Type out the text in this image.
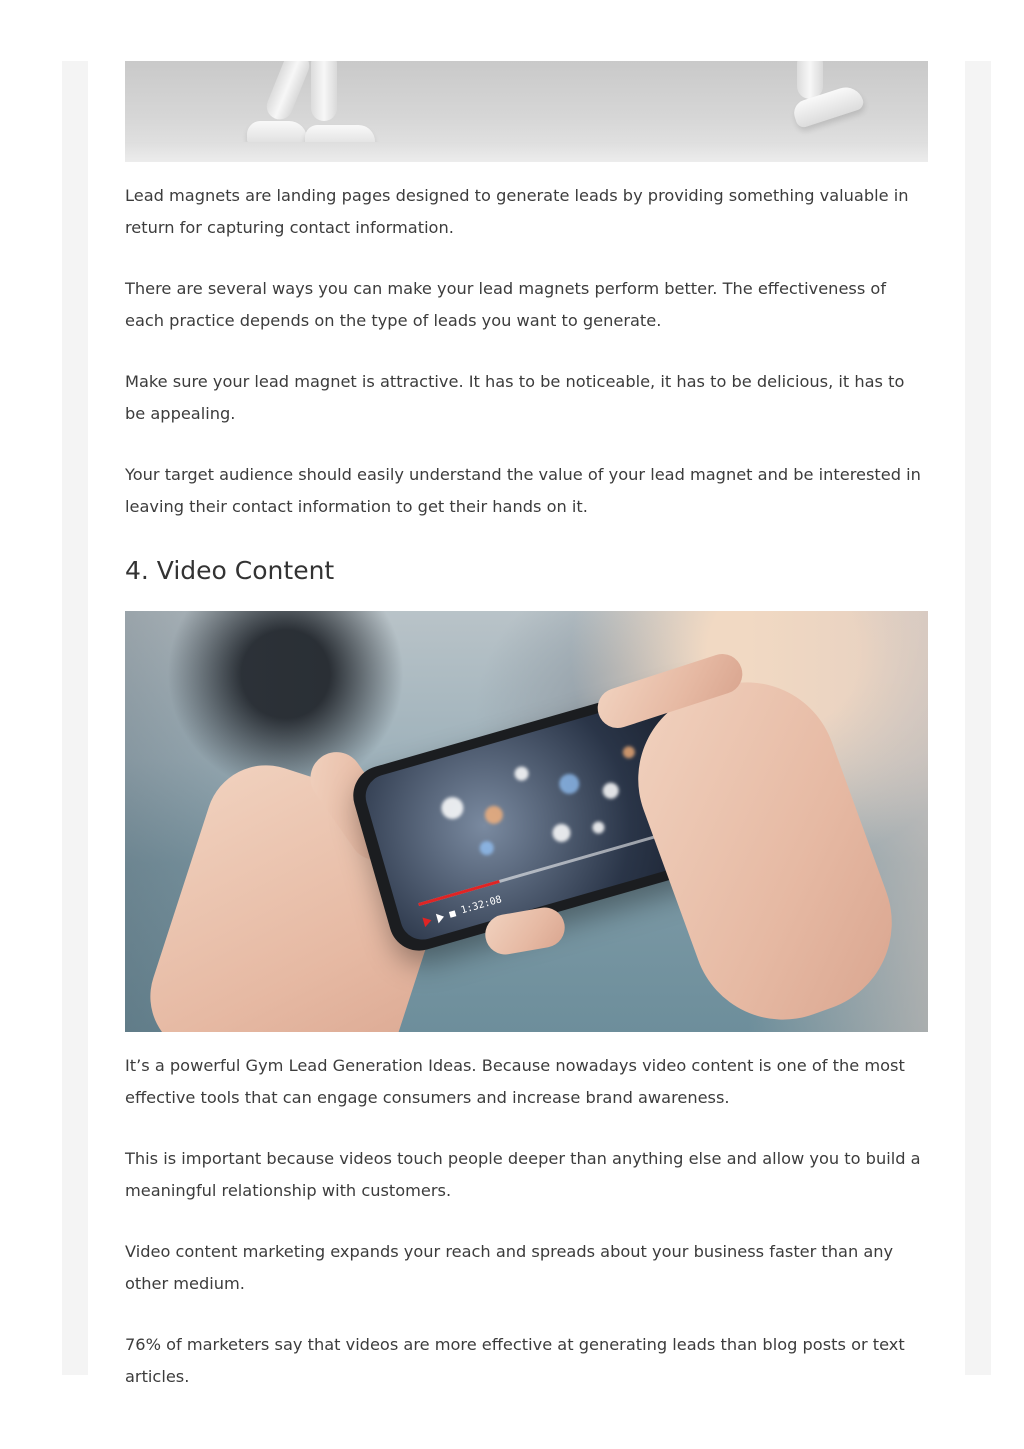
Lead magnets are landing pages designed to generate leads by providing something valuable in return for capturing contact information.

There are several ways you can make your lead magnets perform better. The effectiveness of each practice depends on the type of leads you want to generate.

Make sure your lead magnet is attractive. It has to be noticeable, it has to be delicious, it has to be appealing.

Your target audience should easily understand the value of your lead magnet and be interested in leaving their contact information to get their hands on it.

4. Video Content
1:32:08

It’s a powerful Gym Lead Generation Ideas. Because nowadays video content is one of the most effective tools that can engage consumers and increase brand awareness.

This is important because videos touch people deeper than anything else and allow you to build a meaningful relationship with customers.

Video content marketing expands your reach and spreads about your business faster than any other medium.

76% of marketers say that videos are more effective at generating leads than blog posts or text articles.
